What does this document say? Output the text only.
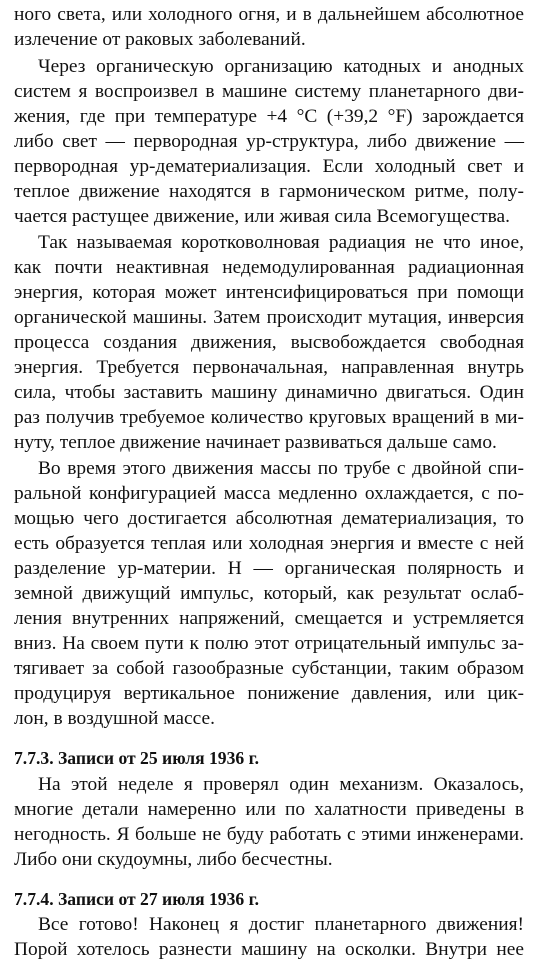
ного света, или холодного огня, и в дальнейшем абсолютное
излечение от раковых заболеваний.
Через органическую организацию катодных и анодных
систем я воспроизвел в машине систему планетарного дви-
жения, где при температуре +4 °C (+39,2 °F) зарождается
либо свет — первородная ур-структура, либо движение —
первородная ур-дематериализация. Если холодный свет и
теплое движение находятся в гармоническом ритме, полу-
чается растущее движение, или живая сила Всемогущества.
Так называемая коротковолновая радиация не что иное,
как почти неактивная недемодулированная радиационная
энергия, которая может интенсифицироваться при помощи
органической машины. Затем происходит мутация, инверсия
процесса создания движения, высвобождается свободная
энергия. Требуется первоначальная, направленная внутрь
сила, чтобы заставить машину динамично двигаться. Один
раз получив требуемое количество круговых вращений в ми-
нуту, теплое движение начинает развиваться дальше само.
Во время этого движения массы по трубе с двойной спи-
ральной конфигурацией масса медленно охлаждается, с по-
мощью чего достигается абсолютная дематериализация, то
есть образуется теплая или холодная энергия и вместе с ней
разделение ур-материи. Н — органическая полярность и
земной движущий импульс, который, как результат ослаб-
ления внутренних напряжений, смещается и устремляется
вниз. На своем пути к полю этот отрицательный импульс за-
тягивает за собой газообразные субстанции, таким образом
продуцируя вертикальное понижение давления, или цик-
лон, в воздушной массе.
7.7.3. Записи от 25 июля 1936 г.
На этой неделе я проверял один механизм. Оказалось,
многие детали намеренно или по халатности приведены в
негодность. Я больше не буду работать с этими инженерами.
Либо они скудоумны, либо бесчестны.
7.7.4. Записи от 27 июля 1936 г.
Все готово! Наконец я достиг планетарного движения!
Порой хотелось разнести машину на осколки. Внутри нее
